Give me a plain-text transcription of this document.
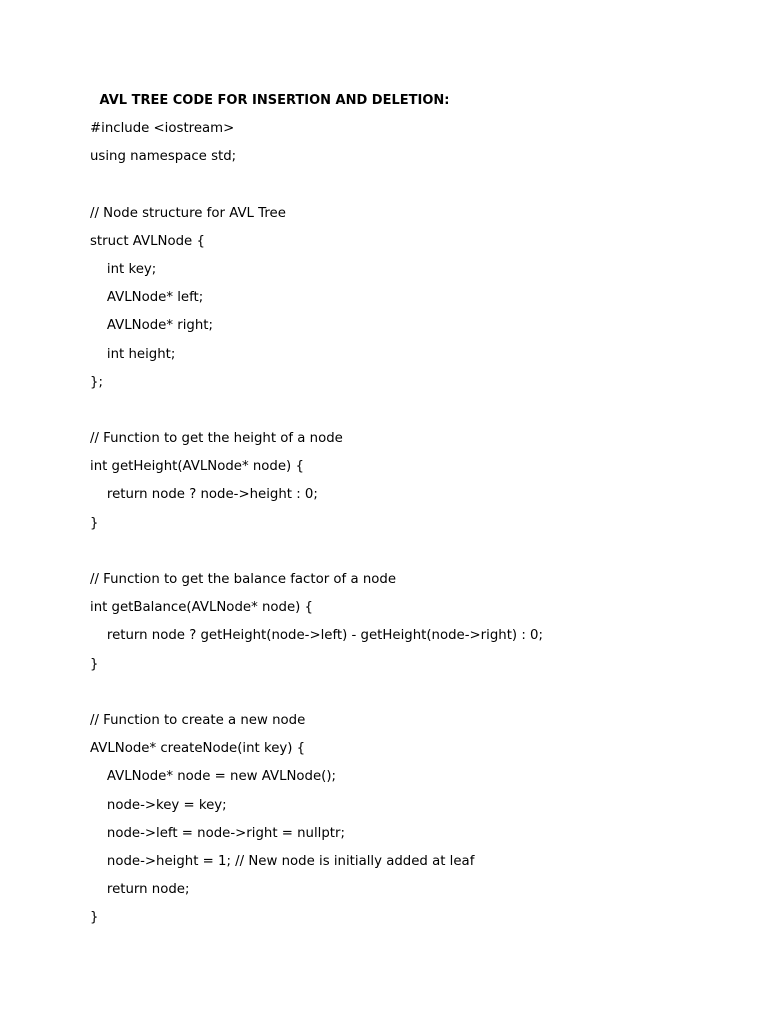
AVL TREE CODE FOR INSERTION AND DELETION:
#include <iostream>
using namespace std;
// Node structure for AVL Tree
struct AVLNode {
int key;
AVLNode* left;
AVLNode* right;
int height;
};
// Function to get the height of a node
int getHeight(AVLNode* node) {
return node ? node->height : 0;
}
// Function to get the balance factor of a node
int getBalance(AVLNode* node) {
return node ? getHeight(node->left) - getHeight(node->right) : 0;
}
// Function to create a new node
AVLNode* createNode(int key) {
AVLNode* node = new AVLNode();
node->key = key;
node->left = node->right = nullptr;
node->height = 1; // New node is initially added at leaf
return node;
}
